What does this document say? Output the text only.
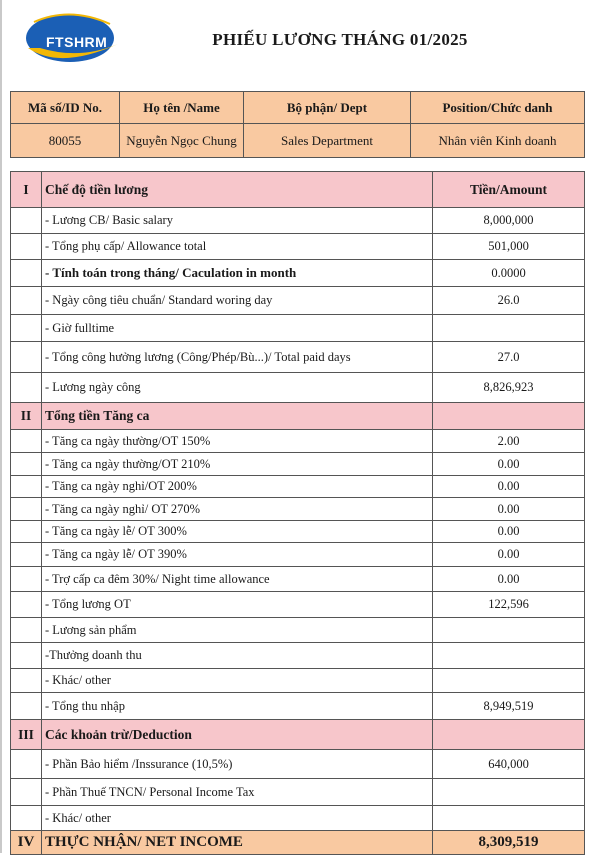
FTSHRM	PHIẾU LƯƠNG THÁNG 01/2025
Mã số/ID No.	Họ tên /Name	Bộ phận/ Dept	Position/Chức danh
80055	Nguyễn Ngọc Chung	Sales Department	Nhân viên Kinh doanh
I	Chế độ tiền lương	Tiền/Amount
	- Lương CB/ Basic salary	8,000,000
	- Tổng phụ cấp/ Allowance total	501,000
	- Tính toán trong tháng/ Caculation in month	0.0000
	- Ngày công tiêu chuẩn/ Standard woring day	26.0
	- Giờ fulltime	
	- Tổng công hưởng lương (Công/Phép/Bù...)/ Total paid days	27.0
	- Lương ngày công	8,826,923
II	Tổng tiền Tăng ca	
	- Tăng ca ngày thường/OT 150%	2.00
	- Tăng ca ngày thường/OT 210%	0.00
	- Tăng ca ngày nghỉ/OT 200%	0.00
	- Tăng ca ngày nghỉ/ OT 270%	0.00
	- Tăng ca ngày lễ/ OT 300%	0.00
	- Tăng ca ngày lễ/ OT 390%	0.00
	- Trợ cấp ca đêm 30%/ Night time allowance	0.00
	- Tổng lương OT	122,596
	- Lương sản phẩm	
	-Thưởng doanh thu	
	- Khác/ other	
	- Tổng thu nhập	8,949,519
III	Các khoản trừ/Deduction	
	- Phần Bảo hiểm /Inssurance (10,5%)	640,000
	- Phần Thuế TNCN/ Personal Income Tax	
	- Khác/ other	
IV	THỰC NHẬN/ NET INCOME	8,309,519
